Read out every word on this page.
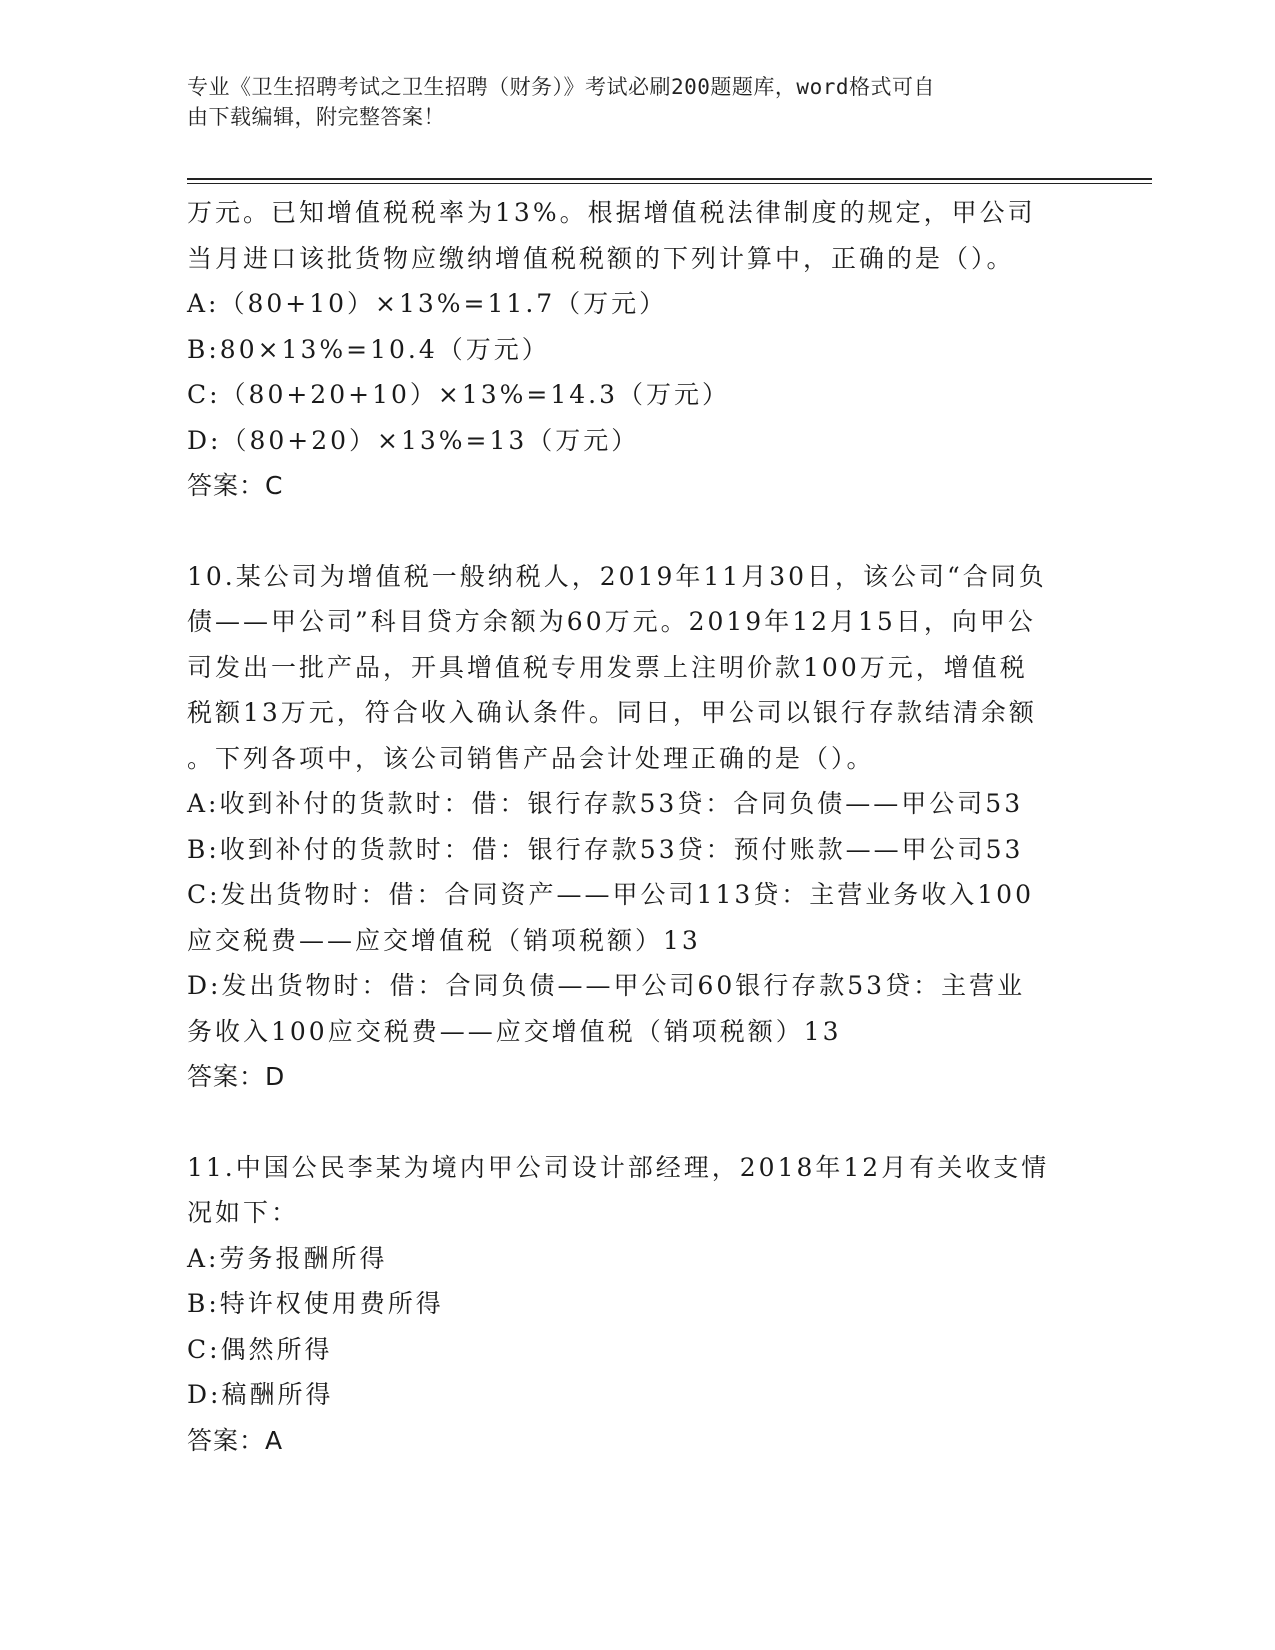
专业《卫生招聘考试之卫生招聘（财务）》考试必刷200题题库，word格式可自
由下载编辑，附完整答案！
万元。已知增值税税率为13%。根据增值税法律制度的规定，甲公司
当月进口该批货物应缴纳增值税税额的下列计算中，正确的是（）。
A:（80+10）×13%=11.7（万元）
B:80×13%=10.4（万元）
C:（80+20+10）×13%=14.3（万元）
D:（80+20）×13%=13（万元）
答案：C
10.某公司为增值税一般纳税人，2019年11月30日，该公司“合同负
债——甲公司”科目贷方余额为60万元。2019年12月15日，向甲公
司发出一批产品，开具增值税专用发票上注明价款100万元，增值税
税额13万元，符合收入确认条件。同日，甲公司以银行存款结清余额
。下列各项中，该公司销售产品会计处理正确的是（）。
A:收到补付的货款时：借：银行存款53贷：合同负债——甲公司53
B:收到补付的货款时：借：银行存款53贷：预付账款——甲公司53
C:发出货物时：借：合同资产——甲公司113贷：主营业务收入100
应交税费——应交增值税（销项税额）13
D:发出货物时：借：合同负债——甲公司60银行存款53贷：主营业
务收入100应交税费——应交增值税（销项税额）13
答案：D
11.中国公民李某为境内甲公司设计部经理，2018年12月有关收支情
况如下：
A:劳务报酬所得
B:特许权使用费所得
C:偶然所得
D:稿酬所得
答案：A
